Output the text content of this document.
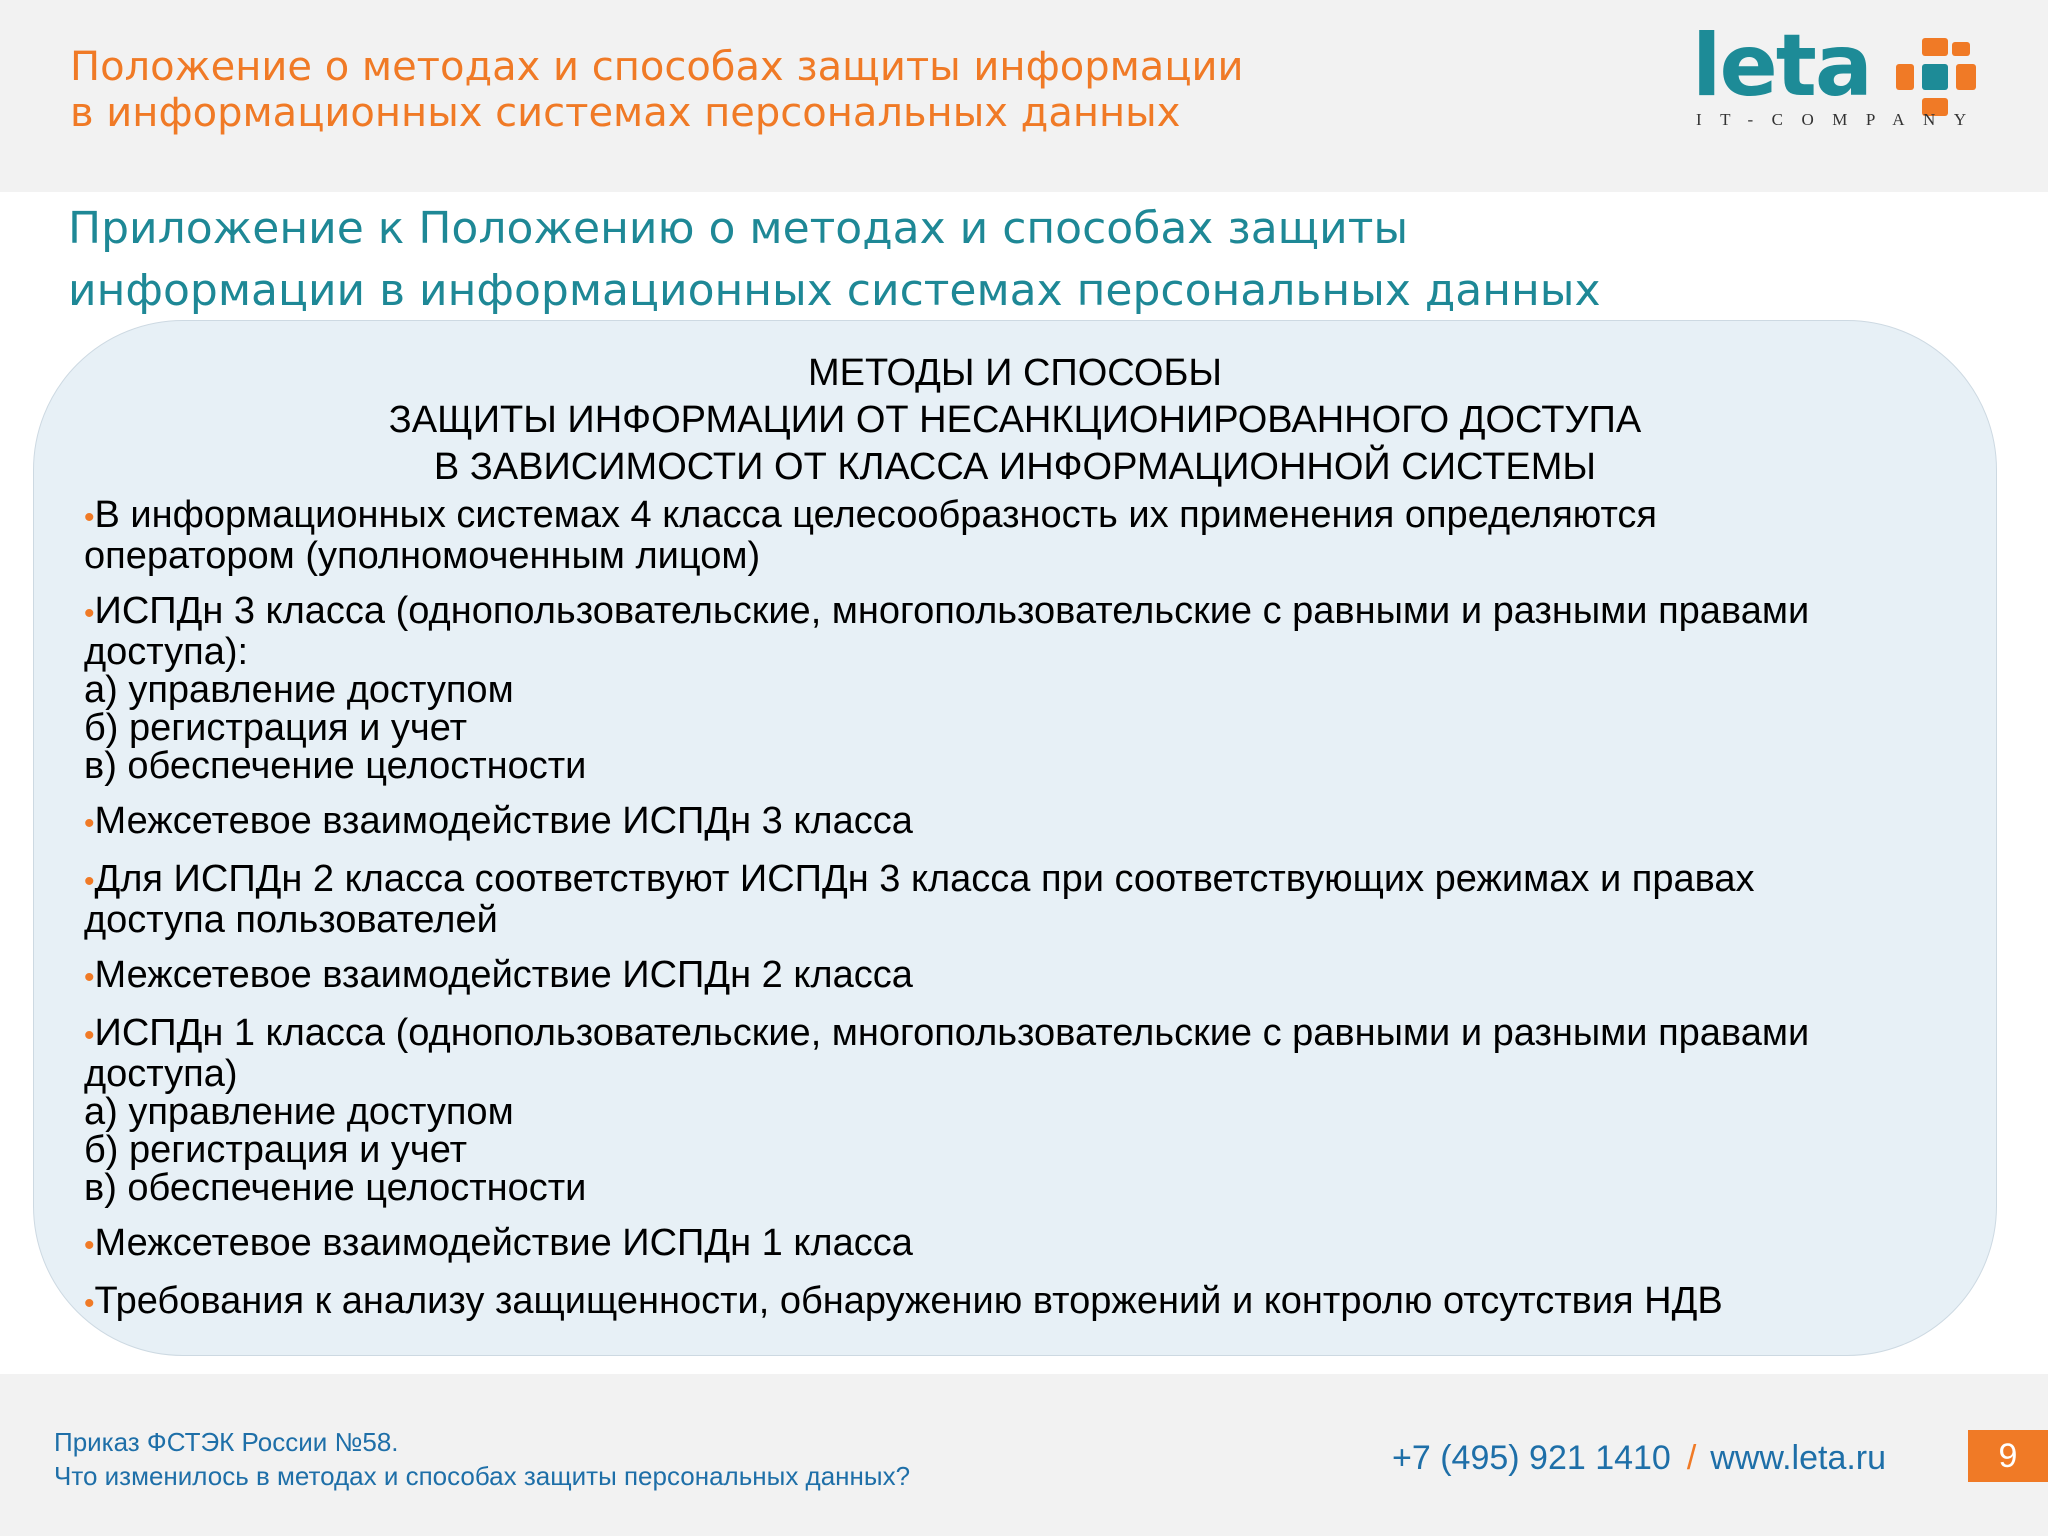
Положение о методах и способах защиты информации
в информационных системах персональных данных	leta
IT-COMPANY
Приложение к Положению о методах и способах защиты
информации в информационных системах персональных данных
МЕТОДЫ И СПОСОБЫ
ЗАЩИТЫ ИНФОРМАЦИИ ОТ НЕСАНКЦИОНИРОВАННОГО ДОСТУПА
В ЗАВИСИМОСТИ ОТ КЛАССА ИНФОРМАЦИОННОЙ СИСТЕМЫ
•В информационных системах 4 класса целесообразность их применения определяются
оператором (уполномоченным лицом)
•ИСПДн 3 класса (однопользовательские, многопользовательские с равными и разными правами
доступа):
а) управление доступом
б) регистрация и учет
в) обеспечение целостности
•Межсетевое взаимодействие ИСПДн 3 класса
•Для ИСПДн 2 класса соответствуют ИСПДн 3 класса при соответствующих режимах и правах
доступа пользователей
•Межсетевое взаимодействие ИСПДн 2 класса
•ИСПДн 1 класса (однопользовательские, многопользовательские с равными и разными правами
доступа)
а) управление доступом
б) регистрация и учет
в) обеспечение целостности
•Межсетевое взаимодействие ИСПДн 1 класса
•Требования к анализу защищенности, обнаружению вторжений и контролю отсутствия НДВ

Приказ ФСТЭК России №58.
Что изменилось в методах и способах защиты персональных данных?	+7 (495) 921 1410 / www.leta.ru	9
